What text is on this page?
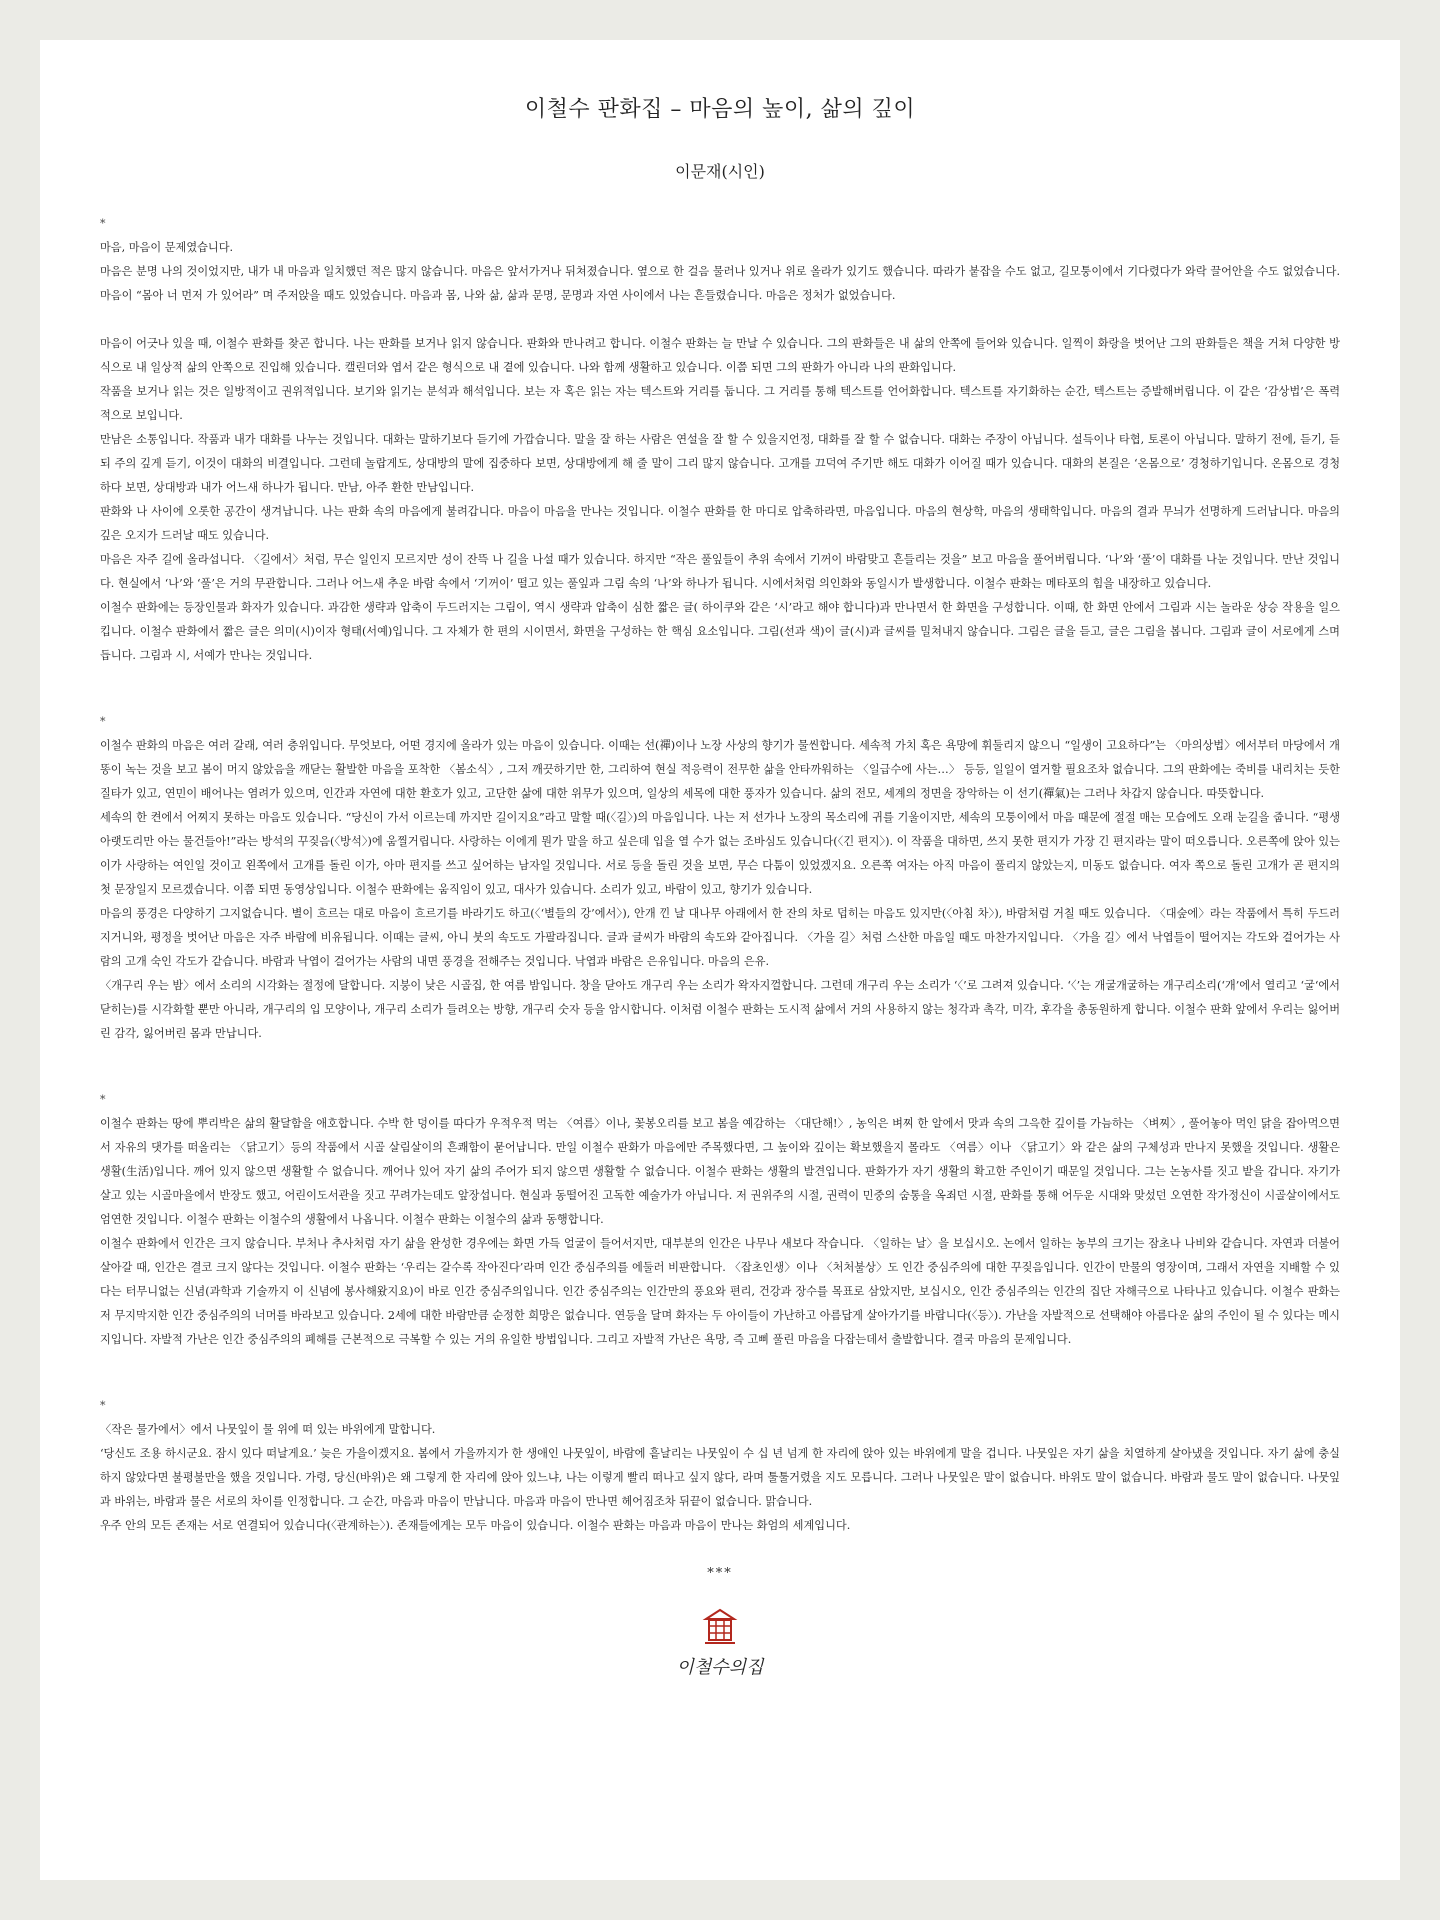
이철수 판화집 – 마음의 높이, 삶의 깊이
이문재(시인)
*

마음, 마음이 문제였습니다.

마음은 분명 나의 것이었지만, 내가 내 마음과 일치했던 적은 많지 않습니다. 마음은 앞서가거나 뒤쳐졌습니다. 옆으로 한 걸음 물러나 있거나 위로 올라가 있기도 했습니다. 따라가 붙잡을 수도 없고, 길모퉁이에서 기다렸다가 와락 끌어안을 수도 없었습니다. 마음이 “몸아 너 먼저 가 있어라” 며 주저앉을 때도 있었습니다. 마음과 몸, 나와 삶, 삶과 문명, 문명과 자연 사이에서 나는 흔들렸습니다. 마음은 정처가 없었습니다.

마음이 어긋나 있을 때, 이철수 판화를 찾곤 합니다. 나는 판화를 보거나 읽지 않습니다. 판화와 만나려고 합니다. 이철수 판화는 늘 만날 수 있습니다. 그의 판화들은 내 삶의 안쪽에 들어와 있습니다. 일찍이 화랑을 벗어난 그의 판화들은 책을 거쳐 다양한 방식으로 내 일상적 삶의 안쪽으로 진입해 있습니다. 캘린더와 엽서 같은 형식으로 내 곁에 있습니다. 나와 함께 생활하고 있습니다. 이쯤 되면 그의 판화가 아니라 나의 판화입니다.

작품을 보거나 읽는 것은 일방적이고 권위적입니다. 보기와 읽기는 분석과 해석입니다. 보는 자 혹은 읽는 자는 텍스트와 거리를 둡니다. 그 거리를 통해 텍스트를 언어화합니다. 텍스트를 자기화하는 순간, 텍스트는 증발해버립니다. 이 같은 ‘감상법’은 폭력적으로 보입니다.

만남은 소통입니다. 작품과 내가 대화를 나누는 것입니다. 대화는 말하기보다 듣기에 가깝습니다. 말을 잘 하는 사람은 연설을 잘 할 수 있을지언정, 대화를 잘 할 수 없습니다. 대화는 주장이 아닙니다. 설득이나 타협, 토론이 아닙니다. 말하기 전에, 듣기, 듣되 주의 깊게 듣기, 이것이 대화의 비결입니다. 그런데 놀랍게도, 상대방의 말에 집중하다 보면, 상대방에게 해 줄 말이 그리 많지 않습니다. 고개를 끄덕여 주기만 해도 대화가 이어질 때가 있습니다. 대화의 본질은 ‘온몸으로’ 경청하기입니다. 온몸으로 경청하다 보면, 상대방과 내가 어느새 하나가 됩니다. 만남, 아주 환한 만남입니다.

판화와 나 사이에 오롯한 공간이 생겨납니다. 나는 판화 속의 마음에게 불려갑니다. 마음이 마음을 만나는 것입니다. 이철수 판화를 한 마디로 압축하라면, 마음입니다. 마음의 현상학, 마음의 생태학입니다. 마음의 결과 무늬가 선명하게 드러납니다. 마음의 깊은 오지가 드러날 때도 있습니다.

마음은 자주 길에 올라섭니다. 〈길에서〉처럼, 무슨 일인지 모르지만 성이 잔뜩 나 길을 나설 때가 있습니다. 하지만 “작은 풀잎들이 추위 속에서 기꺼이 바람맞고 흔들리는 것을” 보고 마음을 풀어버립니다. ‘나’와 ‘풀’이 대화를 나눈 것입니다. 만난 것입니다. 현실에서 ‘나’와 ‘풀’은 거의 무관합니다. 그러나 어느새 추운 바람 속에서 ‘기꺼이’ 떨고 있는 풀잎과 그림 속의 ‘나’와 하나가 됩니다. 시에서처럼 의인화와 동일시가 발생합니다. 이철수 판화는 메타포의 힘을 내장하고 있습니다.

이철수 판화에는 등장인물과 화자가 있습니다. 과감한 생략과 압축이 두드러지는 그림이, 역시 생략과 압축이 심한 짧은 글( 하이쿠와 같은 ‘시’라고 해야 합니다)과 만나면서 한 화면을 구성합니다. 이때, 한 화면 안에서 그림과 시는 놀라운 상승 작용을 일으킵니다. 이철수 판화에서 짧은 글은 의미(시)이자 형태(서예)입니다. 그 자체가 한 편의 시이면서, 화면을 구성하는 한 핵심 요소입니다. 그림(선과 색)이 글(시)과 글씨를 밀쳐내지 않습니다. 그림은 글을 듣고, 글은 그림을 봅니다. 그림과 글이 서로에게 스며듭니다. 그림과 시, 서예가 만나는 것입니다.

*

이철수 판화의 마음은 여러 갈래, 여러 층위입니다. 무엇보다, 어떤 경지에 올라가 있는 마음이 있습니다. 이때는 선(禪)이나 노장 사상의 향기가 물씬합니다. 세속적 가치 혹은 욕망에 휘둘리지 않으니 “일생이 고요하다”는 〈마의상법〉에서부터 마당에서 개똥이 녹는 것을 보고 봄이 머지 않았음을 깨닫는 활발한 마음을 포착한 〈봄소식〉, 그저 깨끗하기만 한, 그리하여 현실 적응력이 전무한 삶을 안타까워하는 〈일급수에 사는…〉 등등, 일일이 열거할 필요조차 없습니다. 그의 판화에는 죽비를 내리치는 듯한 질타가 있고, 연민이 배어나는 염려가 있으며, 인간과 자연에 대한 환호가 있고, 고단한 삶에 대한 위무가 있으며, 일상의 세목에 대한 풍자가 있습니다. 삶의 전모, 세계의 정면을 장악하는 이 선기(禪氣)는 그러나 차갑지 않습니다. 따뜻합니다.

세속의 한 켠에서 어찌지 못하는 마음도 있습니다. “당신이 가서 이르는데 까지만 길이지요”라고 말할 때(〈길〉)의 마음입니다. 나는 저 선가나 노장의 목소리에 귀를 기울이지만, 세속의 모퉁이에서 마음 때문에 절절 매는 모습에도 오래 눈길을 줍니다. “평생 아랫도리만 아는 물건들아!”라는 방석의 꾸짖음(〈방석〉)에 움찔거립니다. 사랑하는 이에게 뭔가 말을 하고 싶은데 입을 열 수가 없는 조바심도 있습니다(〈긴 편지〉). 이 작품을 대하면, 쓰지 못한 편지가 가장 긴 편지라는 말이 떠오릅니다. 오른쪽에 앉아 있는 이가 사랑하는 여인일 것이고 왼쪽에서 고개를 돌린 이가, 아마 편지를 쓰고 싶어하는 남자일 것입니다. 서로 등을 돌린 것을 보면, 무슨 다툼이 있었겠지요. 오른쪽 여자는 아직 마음이 풀리지 않았는지, 미동도 없습니다. 여자 쪽으로 돌린 고개가 곧 편지의 첫 문장일지 모르겠습니다. 이쯤 되면 동영상입니다. 이철수 판화에는 움직임이 있고, 대사가 있습니다. 소리가 있고, 바람이 있고, 향기가 있습니다.

마음의 풍경은 다양하기 그지없습니다. 별이 흐르는 대로 마음이 흐르기를 바라기도 하고(〈‘별들의 강’에서〉), 안개 낀 날 대나무 아래에서 한 잔의 차로 덥히는 마음도 있지만(〈아침 차〉), 바람처럼 거칠 때도 있습니다. 〈대숲에〉라는 작품에서 특히 두드러지거니와, 평정을 벗어난 마음은 자주 바람에 비유됩니다. 이때는 글씨, 아니 붓의 속도도 가팔라집니다. 글과 글씨가 바람의 속도와 같아집니다. 〈가을 길〉처럼 스산한 마음일 때도 마찬가지입니다. 〈가을 길〉에서 낙엽들이 떨어지는 각도와 걸어가는 사람의 고개 숙인 각도가 같습니다. 바람과 낙엽이 걸어가는 사람의 내면 풍경을 전해주는 것입니다. 낙엽과 바람은 은유입니다. 마음의 은유.

〈개구리 우는 밤〉에서 소리의 시각화는 절정에 달합니다. 지붕이 낮은 시골집, 한 여름 밤입니다. 창을 닫아도 개구리 우는 소리가 왁자지껄합니다. 그런데 개구리 우는 소리가 ‘〈’로 그려져 있습니다. ‘〈’는 개굴개굴하는 개구리소리(‘개’에서 열리고 ‘굴‘에서 닫히는)를 시각화할 뿐만 아니라, 개구리의 입 모양이나, 개구리 소리가 들려오는 방향, 개구리 숫자 등을 암시합니다. 이처럼 이철수 판화는 도시적 삶에서 거의 사용하지 않는 청각과 촉각, 미각, 후각을 총동원하게 합니다. 이철수 판화 앞에서 우리는 잃어버린 감각, 잃어버린 몸과 만납니다.

*

이철수 판화는 땅에 뿌리박은 삶의 활달함을 애호합니다. 수박 한 덩이를 따다가 우적우적 먹는 〈여름〉이나, 꽃봉오리를 보고 봄을 예감하는 〈대단해!〉, 농익은 벼찌 한 알에서 맛과 속의 그윽한 깊이를 가늠하는 〈벼찌〉, 풀어놓아 먹인 닭을 잡아먹으면서 자유의 댓가를 떠올리는 〈닭고기〉등의 작품에서 시골 살림살이의 흔쾌함이 묻어납니다. 만일 이철수 판화가 마음에만 주목했다면, 그 높이와 깊이는 확보했을지 몰라도 〈여름〉이나 〈닭고기〉와 같은 삶의 구체성과 만나지 못했을 것입니다. 생활은 생활(生活)입니다. 깨어 있지 않으면 생활할 수 없습니다. 깨어나 있어 자기 삶의 주어가 되지 않으면 생활할 수 없습니다. 이철수 판화는 생활의 발견입니다. 판화가가 자기 생활의 확고한 주인이기 때문일 것입니다. 그는 논농사를 짓고 밭을 갑니다. 자기가 살고 있는 시골마을에서 반장도 했고, 어린이도서관을 짓고 꾸려가는데도 앞장섭니다. 현실과 동떨어진 고독한 예술가가 아닙니다. 저 권위주의 시절, 권력이 민중의 숨통을 옥죄던 시절, 판화를 통해 어두운 시대와 맞섰던 오연한 작가정신이 시골살이에서도 엄연한 것입니다. 이철수 판화는 이철수의 생활에서 나옵니다. 이철수 판화는 이철수의 삶과 동행합니다.

이철수 판화에서 인간은 크지 않습니다. 부처나 추사처럼 자기 삶을 완성한 경우에는 화면 가득 얼굴이 들어서지만, 대부분의 인간은 나무나 새보다 작습니다. 〈일하는 날〉을 보십시오. 논에서 일하는 농부의 크기는 잠초나 나비와 같습니다. 자연과 더불어 살아갈 때, 인간은 결코 크지 않다는 것입니다. 이철수 판화는 ‘우리는 갈수록 작아진다’라며 인간 중심주의를 에둘러 비판합니다. 〈잡초인생〉이나 〈처처불상〉도 인간 중심주의에 대한 꾸짖음입니다. 인간이 만물의 영장이며, 그래서 자연을 지배할 수 있다는 터무니없는 신념(과학과 기술까지 이 신념에 봉사해왔지요)이 바로 인간 중심주의입니다. 인간 중심주의는 인간만의 풍요와 편리, 건강과 장수를 목표로 삼았지만, 보십시오, 인간 중심주의는 인간의 집단 자해극으로 나타나고 있습니다. 이철수 판화는 저 무지막지한 인간 중심주의의 너머를 바라보고 있습니다. 2세에 대한 바람만큼 순정한 희망은 없습니다. 연등을 달며 화자는 두 아이들이 가난하고 아름답게 살아가기를 바랍니다(〈등〉). 가난을 자발적으로 선택해야 아름다운 삶의 주인이 될 수 있다는 메시지입니다. 자발적 가난은 인간 중심주의의 폐해를 근본적으로 극복할 수 있는 거의 유일한 방법입니다. 그리고 자발적 가난은 욕망, 즉 고삐 풀린 마음을 다잡는데서 출발합니다. 결국 마음의 문제입니다.

*

〈작은 물가에서〉에서 나뭇잎이 물 위에 떠 있는 바위에게 말합니다.

‘당신도 조용 하시군요. 잠시 있다 떠날게요.’ 늦은 가을이겠지요. 봄에서 가을까지가 한 생애인 나뭇잎이, 바람에 흩날리는 나뭇잎이 수 십 년 넘게 한 자리에 앉아 있는 바위에게 말을 겁니다. 나뭇잎은 자기 삶을 치열하게 살아냈을 것입니다. 자기 삶에 충실하지 않았다면 불평불만을 했을 것입니다. 가령, 당신(바위)은 왜 그렇게 한 자리에 앉아 있느냐, 나는 이렇게 빨리 떠나고 싶지 않다, 라며 툴툴거렸을 지도 모릅니다. 그러나 나뭇잎은 말이 없습니다. 바위도 말이 없습니다. 바람과 물도 말이 없습니다. 나뭇잎과 바위는, 바람과 물은 서로의 차이를 인정합니다. 그 순간, 마음과 마음이 만납니다. 마음과 마음이 만나면 헤어짐조차 뒤끝이 없습니다. 맑습니다.

우주 안의 모든 존재는 서로 연결되어 있습니다(〈관계하는〉). 존재들에게는 모두 마음이 있습니다. 이철수 판화는 마음과 마음이 만나는 화엄의 세계입니다.

***
이철수의집
